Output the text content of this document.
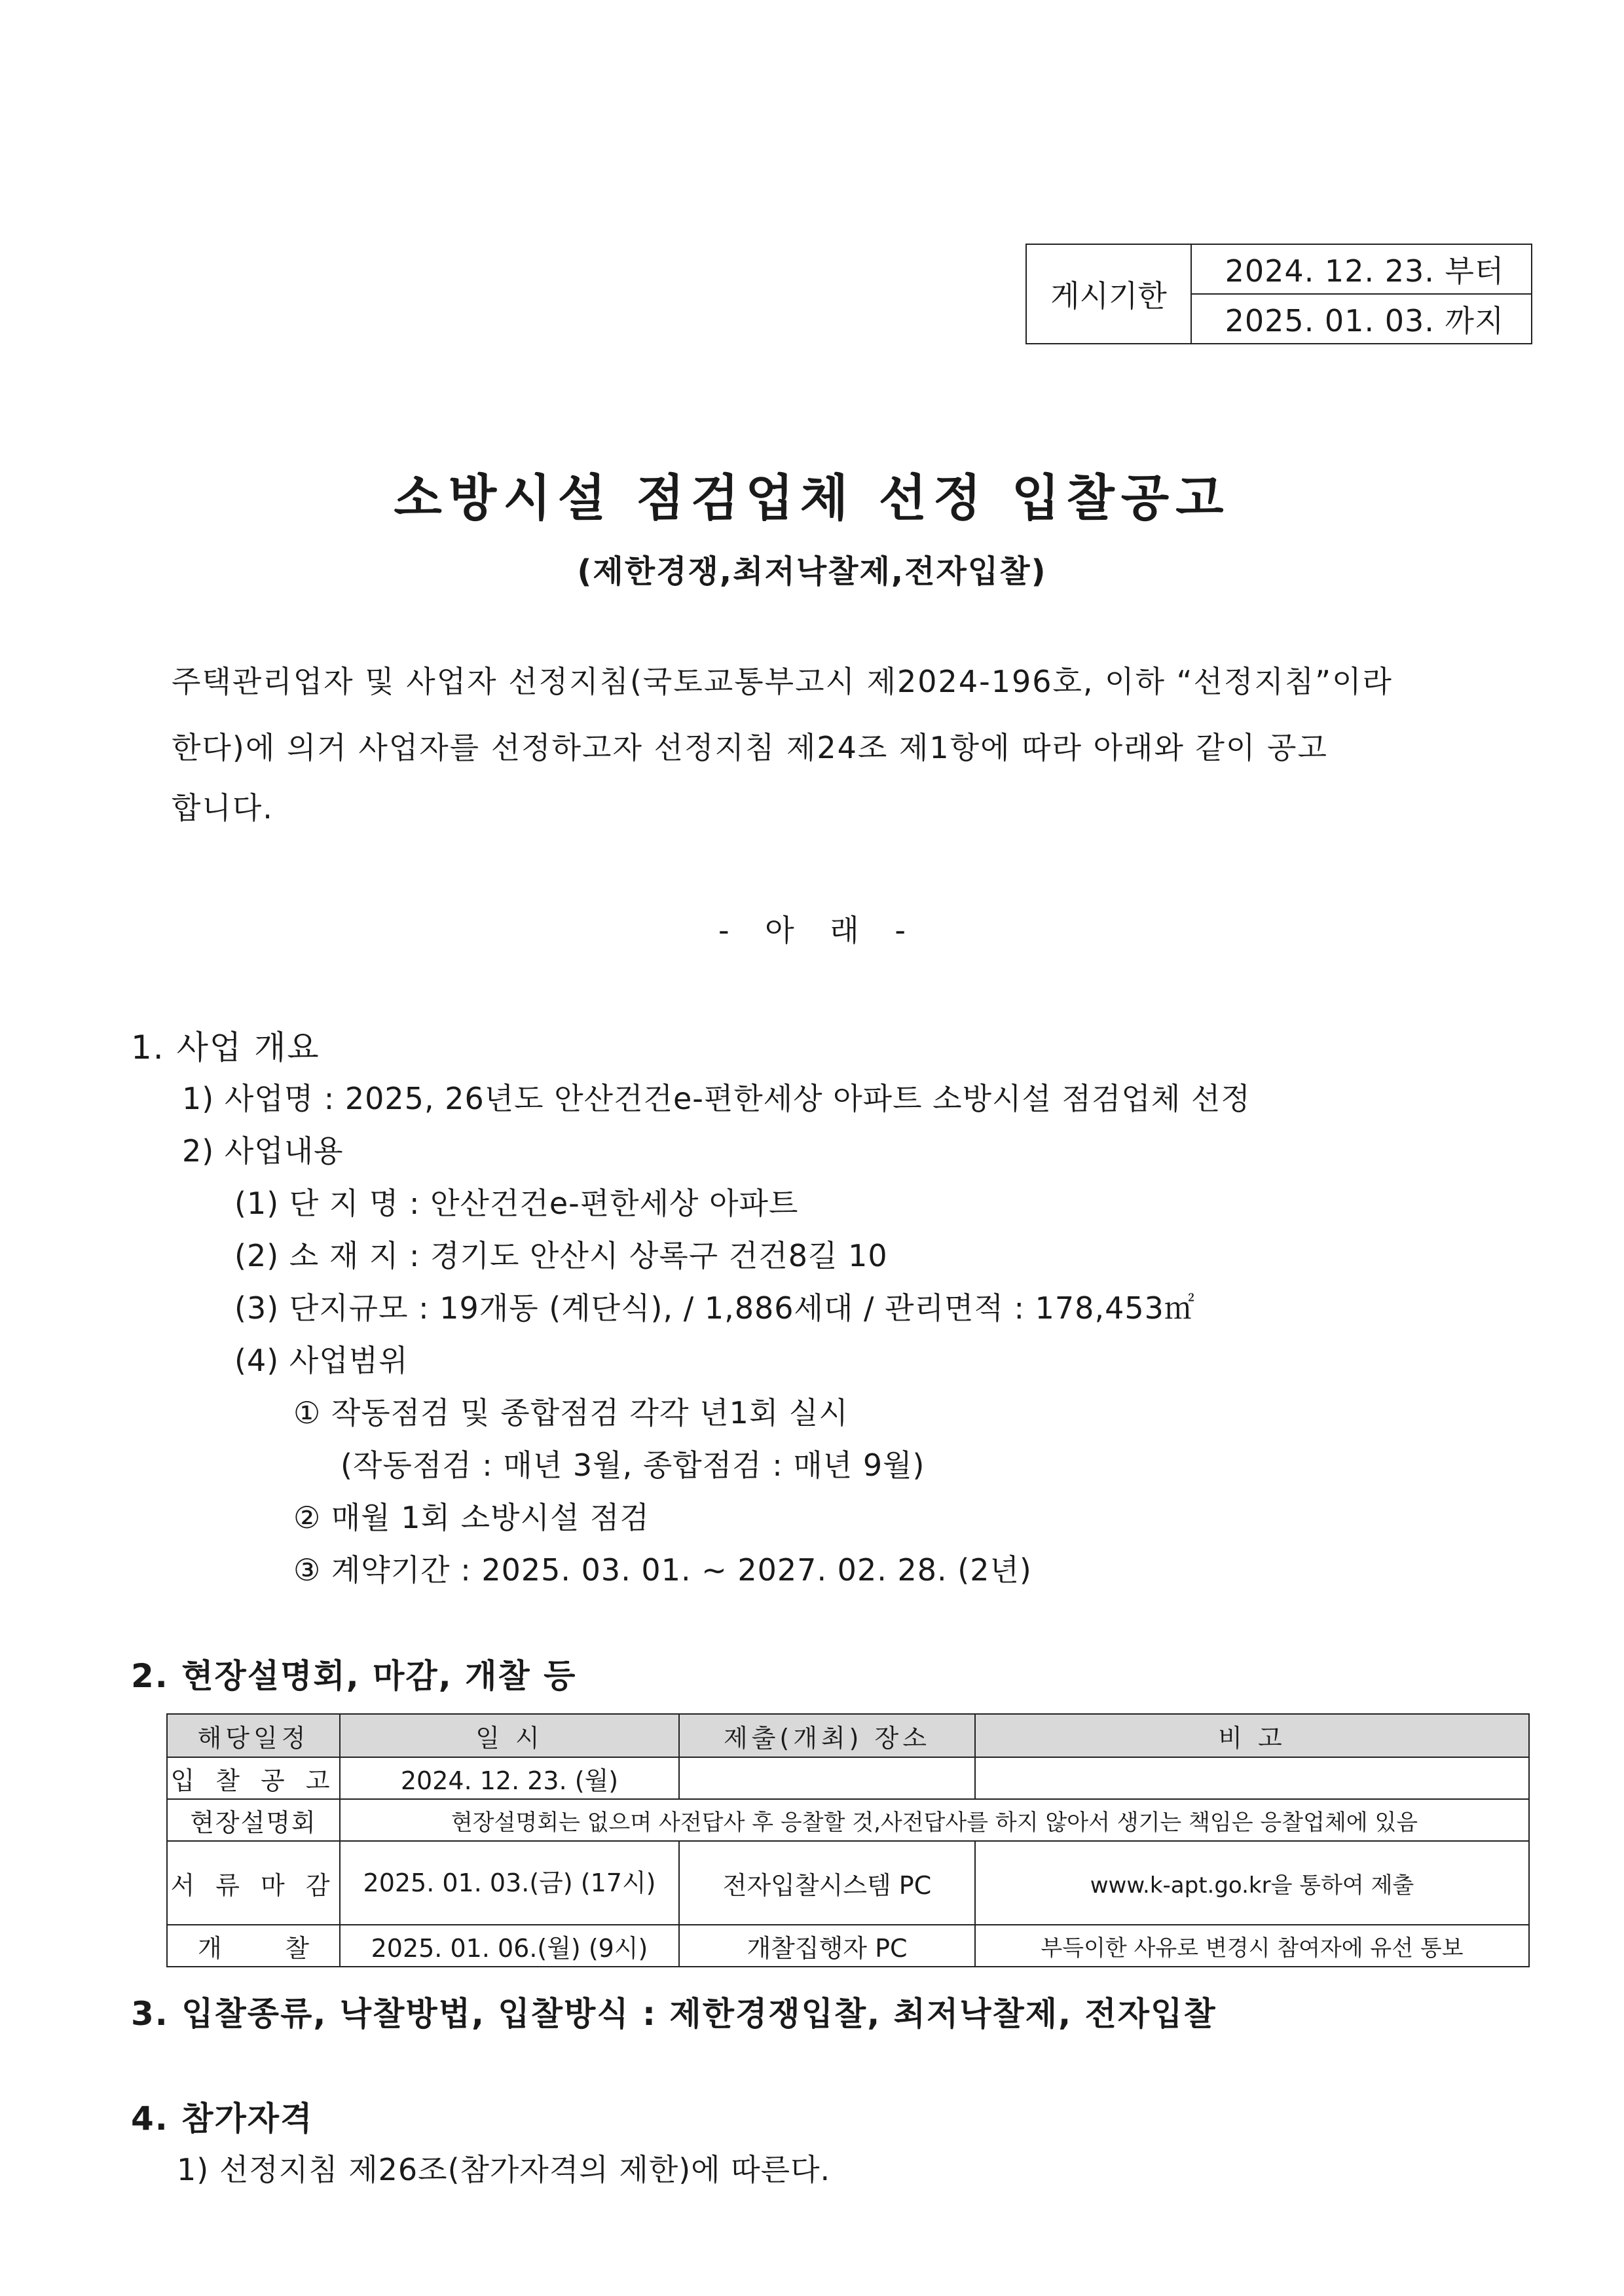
게시기한	2024. 12. 23. 부터
2025. 01. 03. 까지
소방시설 점검업체 선정 입찰공고
(제한경쟁,최저낙찰제,전자입찰)
주택관리업자 및 사업자 선정지침(국토교통부고시 제2024-196호, 이하 “선정지침”이라
한다)에 의거 사업자를 선정하고자 선정지침 제24조 제1항에 따라 아래와 같이 공고
합니다.
- 아 래 -
1. 사업 개요
1) 사업명 : 2025, 26년도 안산건건e-편한세상 아파트 소방시설 점검업체 선정
2) 사업내용
(1) 단 지 명 : 안산건건e-편한세상 아파트
(2) 소 재 지 : 경기도 안산시 상록구 건건8길 10
(3) 단지규모 : 19개동 (계단식), / 1,886세대 / 관리면적 : 178,453㎡
(4) 사업범위
① 작동점검 및 종합점검 각각 년1회 실시
(작동점검 : 매년 3월, 종합점검 : 매년 9월)
② 매월 1회 소방시설 점검
③ 계약기간 : 2025. 03. 01. ~ 2027. 02. 28. (2년)
2. 현장설명회, 마감, 개찰 등
해당일정	일 시	제출(개최) 장소	비 고
입 찰 공 고	2024. 12. 23. (월)		
현장설명회	현장설명회는 없으며 사전답사 후 응찰할 것,사전답사를 하지 않아서 생기는 책임은 응찰업체에 있음		
서 류 마 감	2025. 01. 03.(금) (17시)	전자입찰시스템 PC	www.k-apt.go.kr을 통하여 제출
개        찰	2025. 01. 06.(월) (9시)	개찰집행자 PC	부득이한 사유로 변경시 참여자에 유선 통보
3. 입찰종류, 낙찰방법, 입찰방식 : 제한경쟁입찰, 최저낙찰제, 전자입찰
4. 참가자격
1) 선정지침 제26조(참가자격의 제한)에 따른다.
